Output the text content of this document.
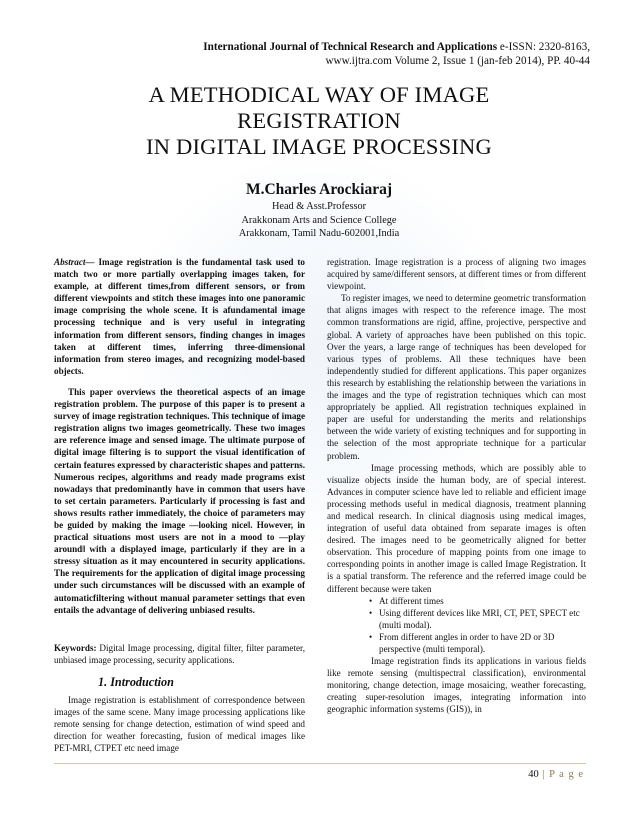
International Journal of Technical Research and Applications e-ISSN: 2320-8163,
www.ijtra.com Volume 2, Issue 1 (jan-feb 2014), PP. 40-44
A METHODICAL WAY OF IMAGE
REGISTRATION
IN DIGITAL IMAGE PROCESSING
M.Charles Arockiaraj
Head & Asst.Professor
Arakkonam Arts and Science College
Arakkonam, Tamil Nadu-602001,India

Abstract— Image registration is the fundamental task used to match two or more partially overlapping images taken, for example, at different times,from different sensors, or from different viewpoints and stitch these images into one panoramic image comprising the whole scene. It is afundamental image processing technique and is very useful in integrating information from different sensors, finding changes in images taken at different times, inferring three-dimensional information from stereo images, and recognizing model-based objects.

This paper overviews the theoretical aspects of an image registration problem. The purpose of this paper is to present a survey of image registration techniques. This technique of image registration aligns two images geometrically. These two images are reference image and sensed image. The ultimate purpose of digital image filtering is to support the visual identification of certain features expressed by characteristic shapes and patterns. Numerous recipes, algorithms and ready made programs exist nowadays that predominantly have in common that users have to set certain parameters. Particularly if processing is fast and shows results rather immediately, the choice of parameters may be guided by making the image ―looking nice‖. However, in practical situations most users are not in a mood to ―play around‖ with a displayed image, particularly if they are in a stressy situation as it may encountered in security applications. The requirements for the application of digital image processing under such circumstances will be discussed with an example of automaticfiltering without manual parameter settings that even entails the advantage of delivering unbiased results.

Keywords: Digital Image processing, digital filter, filter parameter, unbiased image processing, security applications.

1. Introduction

Image registration is establishment of correspondence between images of the same scene. Many image processing applications like remote sensing for change detection, estimation of wind speed and direction for weather forecasting, fusion of medical images like PET-MRI, CTPET etc need image

registration. Image registration is a process of aligning two images acquired by same/different sensors, at different times or from different viewpoint.

To register images, we need to determine geometric transformation that aligns images with respect to the reference image. The most common transformations are rigid, affine, projective, perspective and global. A variety of approaches have been published on this topic. Over the years, a large range of techniques has been developed for various types of problems. All these techniques have been independently studied for different applications. This paper organizes this research by establishing the relationship between the variations in the images and the type of registration techniques which can most appropriately be applied. All registration techniques explained in paper are useful for understanding the merits and relationships between the wide variety of existing techniques and for supporting in the selection of the most appropriate technique for a particular problem.

Image processing methods, which are possibly able to visualize objects inside the human body, are of special interest. Advances in computer science have led to reliable and efficient image processing methods useful in medical diagnosis, treatment planning and medical research. In clinical diagnosis using medical images, integration of useful data obtained from separate images is often desired. The images need to be geometrically aligned for better observation. This procedure of mapping points from one image to corresponding points in another image is called Image Registration. It is a spatial transform. The reference and the referred image could be different because were taken

• At different times
• Using different devices like MRI, CT, PET, SPECT etc (multi modal).
• From different angles in order to have 2D or 3D perspective (multi temporal).

Image registration finds its applications in various fields like remote sensing (multispectral classification), environmental monitoring, change detection, image mosaicing, weather forecasting, creating super-resolution images, integrating information into geographic information systems (GIS)), in

40 | P a g e
